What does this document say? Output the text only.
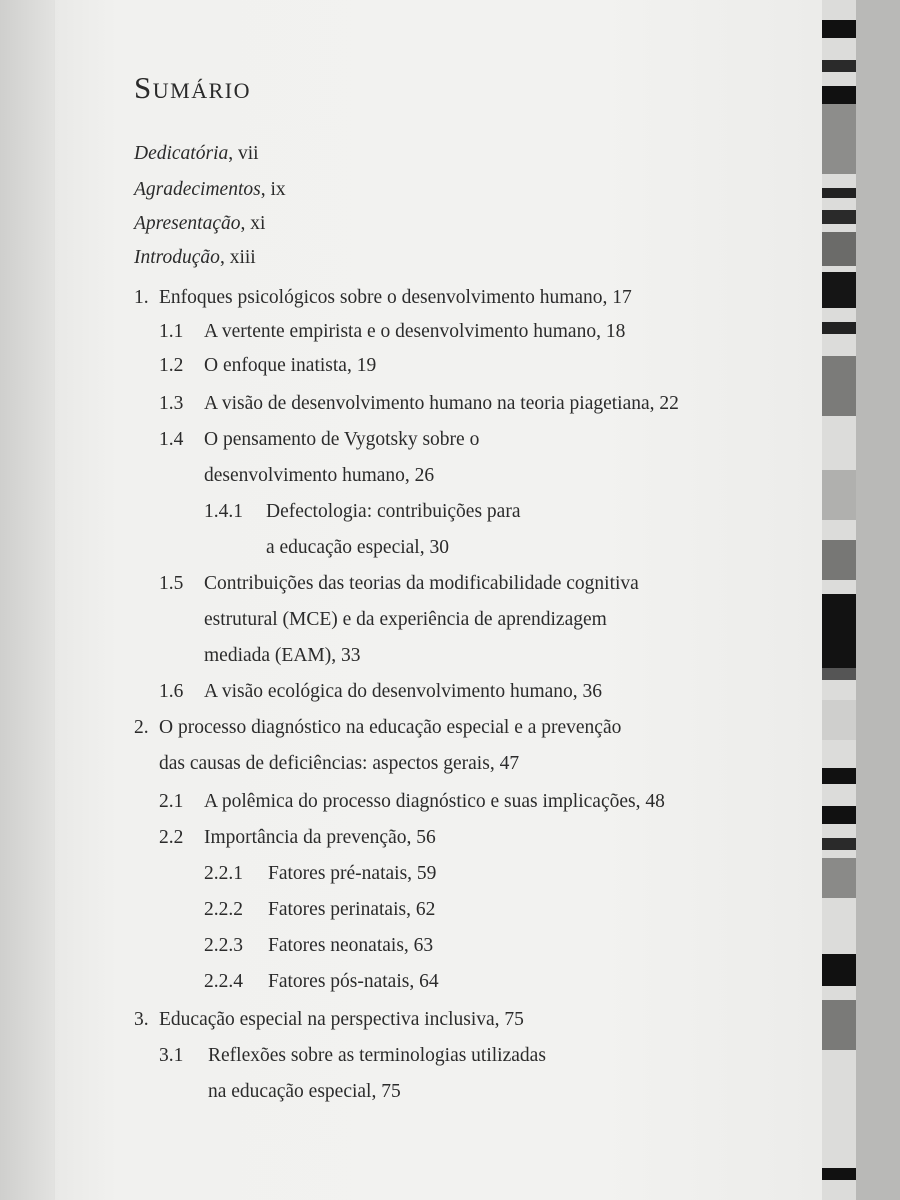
Sumário
Dedicatória, vii
Agradecimentos, ix
Apresentação, xi
Introdução, xiii
1. Enfoques psicológicos sobre o desenvolvimento humano, 17
1.1 A vertente empirista e o desenvolvimento humano, 18
1.2 O enfoque inatista, 19
1.3 A visão de desenvolvimento humano na teoria piagetiana, 22
1.4 O pensamento de Vygotsky sobre o
desenvolvimento humano, 26
1.4.1 Defectologia: contribuições para
a educação especial, 30
1.5 Contribuições das teorias da modificabilidade cognitiva
estrutural (MCE) e da experiência de aprendizagem
mediada (EAM), 33
1.6 A visão ecológica do desenvolvimento humano, 36
2. O processo diagnóstico na educação especial e a prevenção
das causas de deficiências: aspectos gerais, 47
2.1 A polêmica do processo diagnóstico e suas implicações, 48
2.2 Importância da prevenção, 56
2.2.1 Fatores pré-natais, 59
2.2.2 Fatores perinatais, 62
2.2.3 Fatores neonatais, 63
2.2.4 Fatores pós-natais, 64
3. Educação especial na perspectiva inclusiva, 75
3.1 Reflexões sobre as terminologias utilizadas
na educação especial, 75
